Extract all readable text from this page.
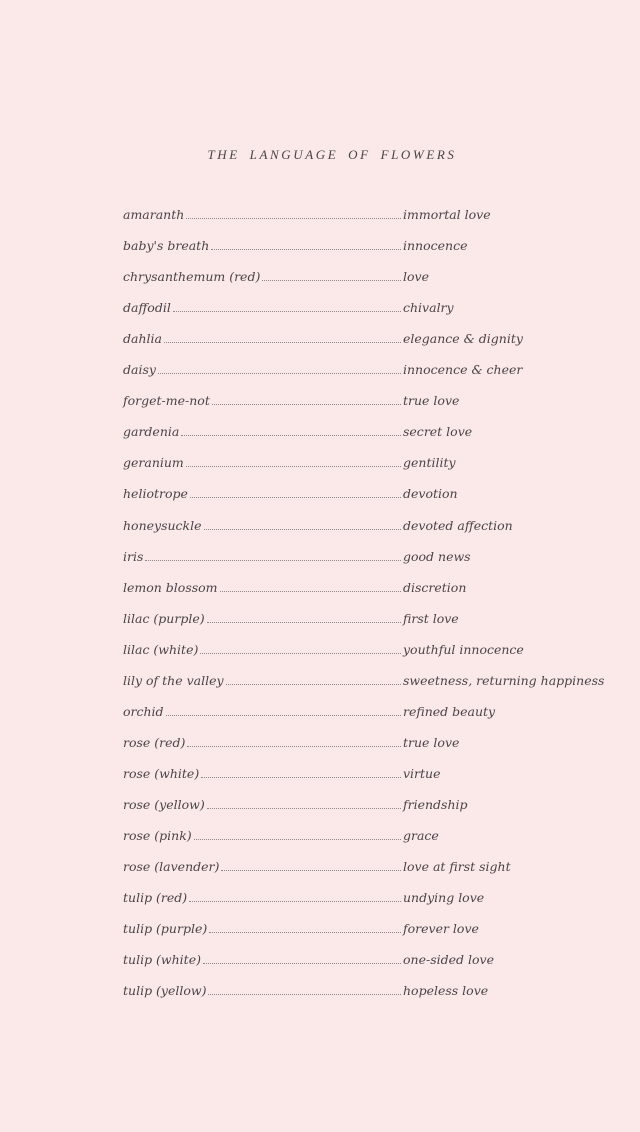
THE LANGUAGE OF FLOWERS
amaranth	immortal love
baby's breath	innocence
chrysanthemum (red)	love
daffodil	chivalry
dahlia	elegance & dignity
daisy	innocence & cheer
forget-me-not	true love
gardenia	secret love
geranium	gentility
heliotrope	devotion
honeysuckle	devoted affection
iris	good news
lemon blossom	discretion
lilac (purple)	first love
lilac (white)	youthful innocence
lily of the valley	sweetness, returning happiness
orchid	refined beauty
rose (red)	true love
rose (white)	virtue
rose (yellow)	friendship
rose (pink)	grace
rose (lavender)	love at first sight
tulip (red)	undying love
tulip (purple)	forever love
tulip (white)	one-sided love
tulip (yellow)	hopeless love
